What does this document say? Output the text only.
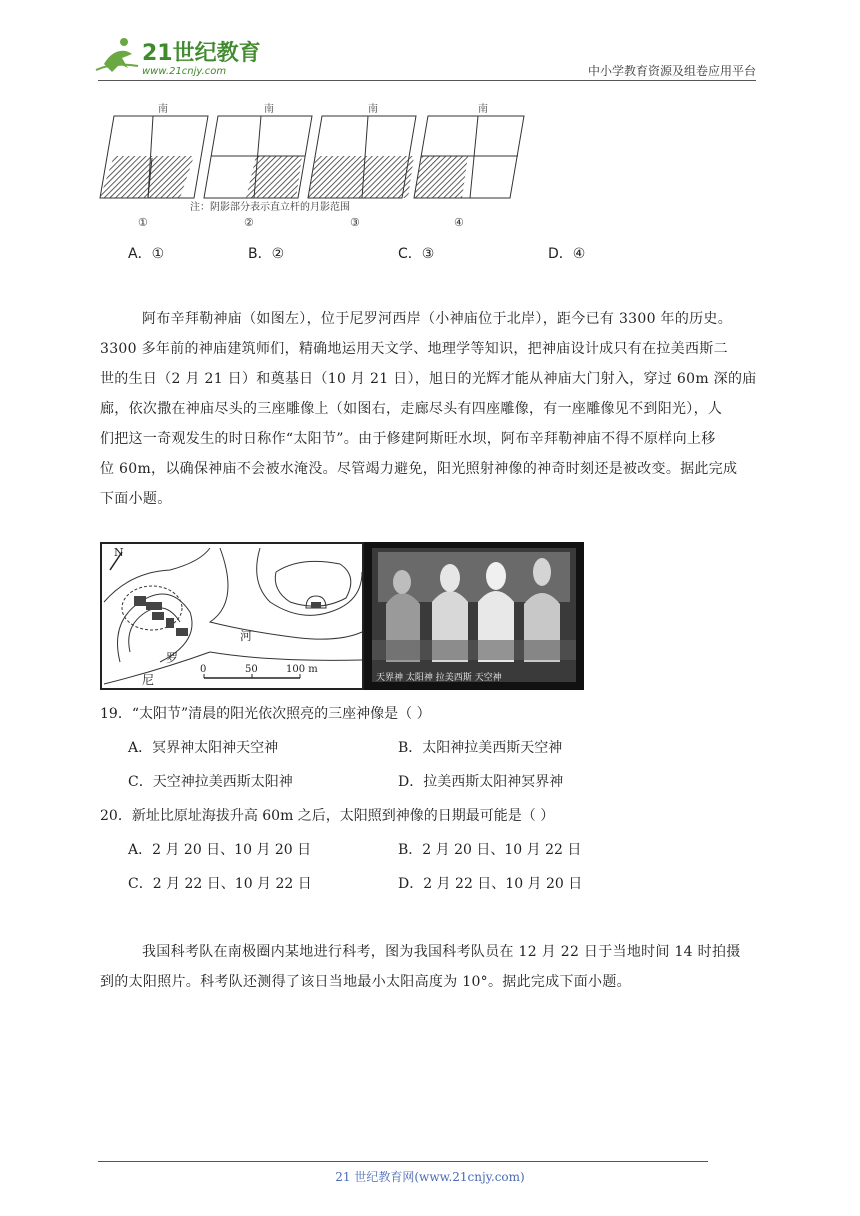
21世纪教育
www.21cnjy.com	中小学教育资源及组卷应用平台
南	南	南	南
注：阴影部分表示直立杆的月影范围
①	②	③	④
A．①	B．②	C．③	D．④
阿布辛拜勒神庙（如图左），位于尼罗河西岸（小神庙位于北岸），距今已有 3300 年的历史。
3300 多年前的神庙建筑师们，精确地运用天文学、地理学等知识，把神庙设计成只有在拉美西斯二
世的生日（2 月 21 日）和奠基日（10 月 21 日），旭日的光辉才能从神庙大门射入，穿过 60m 深的庙
廊，依次撒在神庙尽头的三座雕像上（如图右，走廊尽头有四座雕像，有一座雕像见不到阳光），人
们把这一奇观发生的时日称作“太阳节”。由于修建阿斯旺水坝，阿布辛拜勒神庙不得不原样向上移
位 60m，以确保神庙不会被水淹没。尽管竭力避免，阳光照射神像的神奇时刻还是被改变。据此完成
下面小题。
N
河
罗
尼
0	50	100 m
天界神 太阳神 拉美西斯 天空神
19．“太阳节”清晨的阳光依次照亮的三座神像是（ ）
A．冥界神太阳神天空神	B．太阳神拉美西斯天空神
C．天空神拉美西斯太阳神	D．拉美西斯太阳神冥界神
20．新址比原址海拔升高 60m 之后，太阳照到神像的日期最可能是（ ）
A．2 月 20 日、10 月 20 日	B．2 月 20 日、10 月 22 日
C．2 月 22 日、10 月 22 日	D．2 月 22 日、10 月 20 日
我国科考队在南极圈内某地进行科考，图为我国科考队员在 12 月 22 日于当地时间 14 时拍摄
到的太阳照片。科考队还测得了该日当地最小太阳高度为 10°。据此完成下面小题。
21 世纪教育网(www.21cnjy.com)
